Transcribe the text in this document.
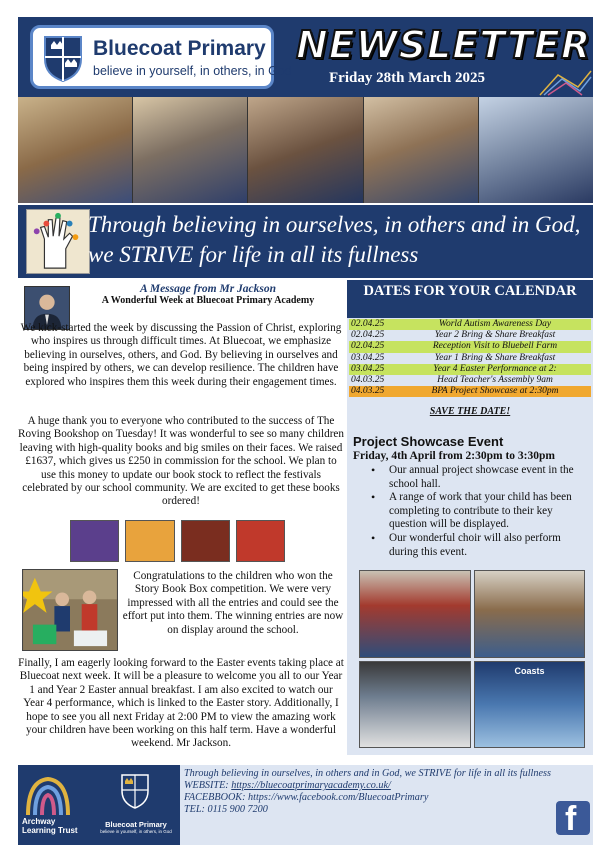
Bluecoat Primary
believe in yourself, in others, in God
NEWSLETTER
Friday 28th March 2025
Through believing in ourselves, in others and in God, we STRIVE for life in all its fullness
A Message from Mr Jackson
A Wonderful Week at Bluecoat Primary Academy

We kick-started the week by discussing the Passion of Christ, exploring who inspires us through difficult times. At Bluecoat, we emphasize believing in ourselves, others, and God. By believing in ourselves and being inspired by others, we can develop resilience. The children have explored who inspires them this week during their engagement times.

A huge thank you to everyone who contributed to the success of The Roving Bookshop on Tuesday! It was wonderful to see so many children leaving with high-quality books and big smiles on their faces. We raised £1637, which gives us £250 in commission for the school. We plan to use this money to update our book stock to reflect the festivals celebrated by our school community. We are excited to get these books ordered!

Congratulations to the children who won the Story Book Box competition. We were very impressed with all the entries and could see the effort put into them. The winning entries are now on display around the school.

Finally, I am eagerly looking forward to the Easter events taking place at Bluecoat next week. It will be a pleasure to welcome you all to our Year 1 and Year 2 Easter annual breakfast. I am also excited to watch our Year 4 performance, which is linked to the Easter story. Additionally, I hope to see you all next Friday at 2:00 PM to view the amazing work your children have been working on this half term. Have a wonderful weekend. Mr Jackson.

DATES FOR YOUR CALENDAR
02.04.25	World Autism Awareness Day
02.04.25	Year 2 Bring & Share Breakfast
02.04.25	Reception Visit to Bluebell Farm
03.04.25	Year 1 Bring & Share Breakfast
03.04.25	Year 4 Easter Performance at 2:
04.03.25	Head Teacher's Assembly 9am
04.03.25	BPA Project Showcase at 2:30pm
SAVE THE DATE!
Project Showcase Event
Friday, 4th April from 2:30pm to 3:30pm
• Our annual project showcase event in the school hall.
• A range of work that your child has been completing to contribute to their key question will be displayed.
• Our wonderful choir will also perform during this event.
Coasts
Archway Learning Trust
Bluecoat Primary
believe in yourself, in others, in God
Through believing in ourselves, in others and in God, we STRIVE for life in all its fullness
WEBSITE: https://bluecoatprimaryacademy.co.uk/
FACEBBOOK: https://www.facebook.com/BluecoatPrimary
TEL: 0115 900 7200	f
